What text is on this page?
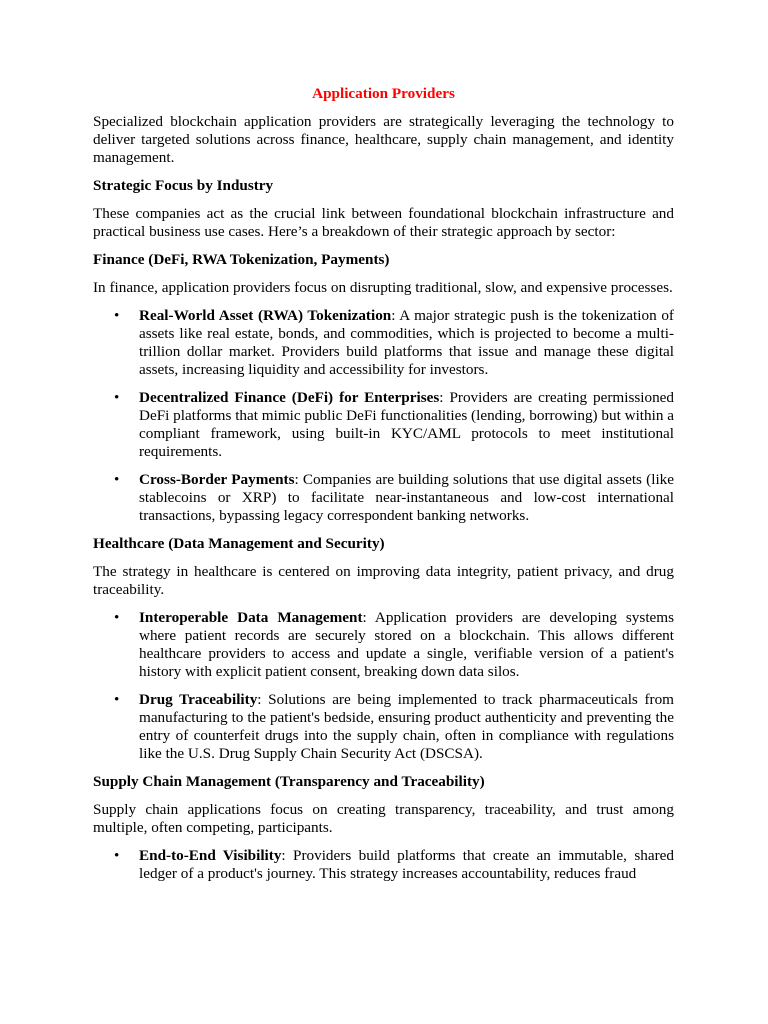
Application Providers

Specialized blockchain application providers are strategically leveraging the technology to deliver targeted solutions across finance, healthcare, supply chain management, and identity management.

Strategic Focus by Industry

These companies act as the crucial link between foundational blockchain infrastructure and practical business use cases. Here’s a breakdown of their strategic approach by sector:

Finance (DeFi, RWA Tokenization, Payments)

In finance, application providers focus on disrupting traditional, slow, and expensive processes.

• Real-World Asset (RWA) Tokenization: A major strategic push is the tokenization of assets like real estate, bonds, and commodities, which is projected to become a multi-trillion dollar market. Providers build platforms that issue and manage these digital assets, increasing liquidity and accessibility for investors.
• Decentralized Finance (DeFi) for Enterprises: Providers are creating permissioned DeFi platforms that mimic public DeFi functionalities (lending, borrowing) but within a compliant framework, using built-in KYC/AML protocols to meet institutional requirements.
• Cross-Border Payments: Companies are building solutions that use digital assets (like stablecoins or XRP) to facilitate near-instantaneous and low-cost international transactions, bypassing legacy correspondent banking networks.
Healthcare (Data Management and Security)

The strategy in healthcare is centered on improving data integrity, patient privacy, and drug traceability.

• Interoperable Data Management: Application providers are developing systems where patient records are securely stored on a blockchain. This allows different healthcare providers to access and update a single, verifiable version of a patient's history with explicit patient consent, breaking down data silos.
• Drug Traceability: Solutions are being implemented to track pharmaceuticals from manufacturing to the patient's bedside, ensuring product authenticity and preventing the entry of counterfeit drugs into the supply chain, often in compliance with regulations like the U.S. Drug Supply Chain Security Act (DSCSA).
Supply Chain Management (Transparency and Traceability)

Supply chain applications focus on creating transparency, traceability, and trust among multiple, often competing, participants.

• End-to-End Visibility: Providers build platforms that create an immutable, shared ledger of a product's journey. This strategy increases accountability, reduces fraud
